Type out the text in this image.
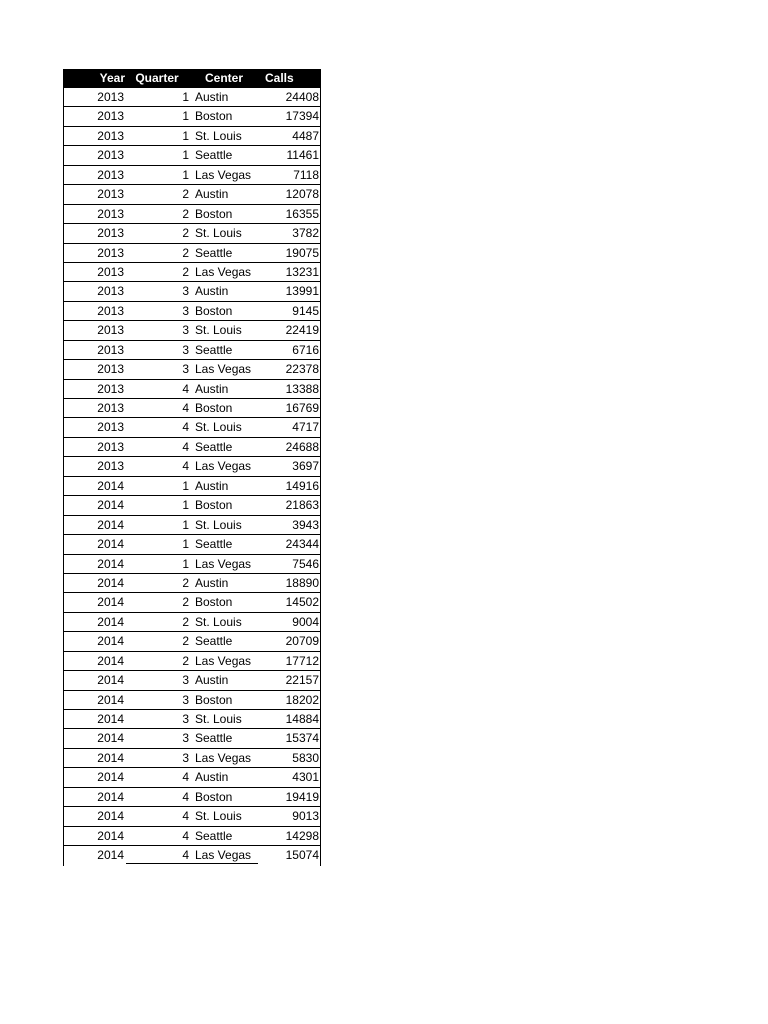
Year Quarter	Center	Calls
2013	1 Austin	24408
2013	1 Boston	17394
2013	1 St. Louis	4487
2013	1 Seattle	11461
2013	1 Las Vegas	7118
2013	2 Austin	12078
2013	2 Boston	16355
2013	2 St. Louis	3782
2013	2 Seattle	19075
2013	2 Las Vegas	13231
2013	3 Austin	13991
2013	3 Boston	9145
2013	3 St. Louis	22419
2013	3 Seattle	6716
2013	3 Las Vegas	22378
2013	4 Austin	13388
2013	4 Boston	16769
2013	4 St. Louis	4717
2013	4 Seattle	24688
2013	4 Las Vegas	3697
2014	1 Austin	14916
2014	1 Boston	21863
2014	1 St. Louis	3943
2014	1 Seattle	24344
2014	1 Las Vegas	7546
2014	2 Austin	18890
2014	2 Boston	14502
2014	2 St. Louis	9004
2014	2 Seattle	20709
2014	2 Las Vegas	17712
2014	3 Austin	22157
2014	3 Boston	18202
2014	3 St. Louis	14884
2014	3 Seattle	15374
2014	3 Las Vegas	5830
2014	4 Austin	4301
2014	4 Boston	19419
2014	4 St. Louis	9013
2014	4 Seattle	14298
2014	4 Las Vegas	15074
